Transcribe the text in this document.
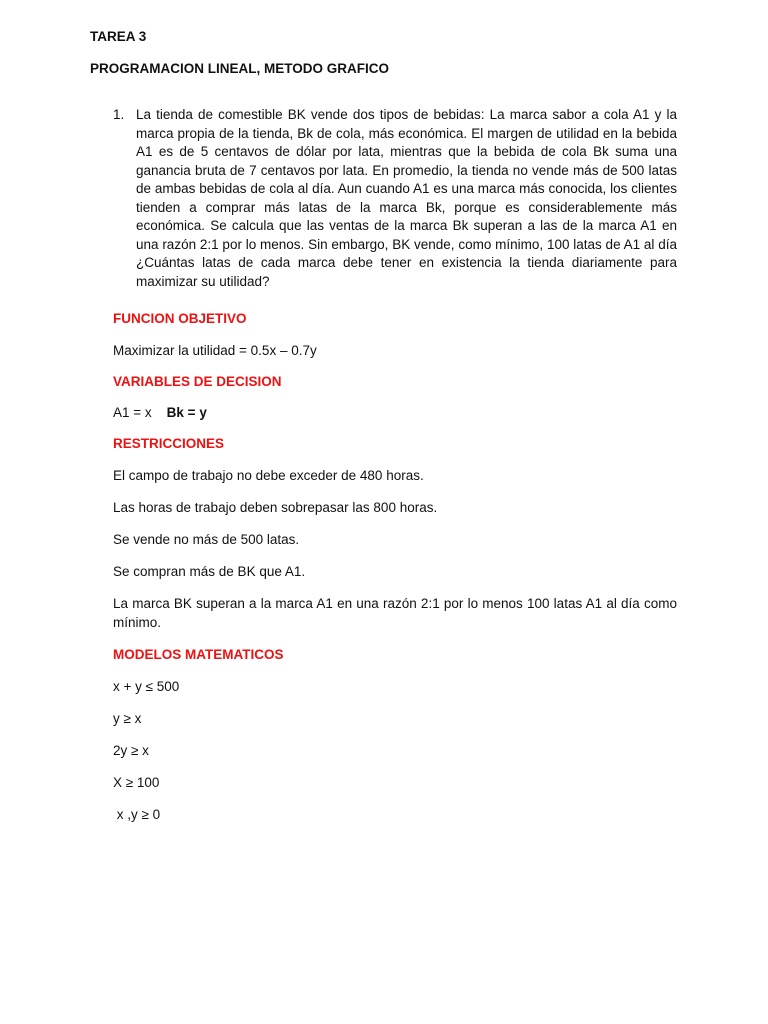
TAREA 3
PROGRAMACION LINEAL, METODO GRAFICO
1. La tienda de comestible BK vende dos tipos de bebidas: La marca sabor a cola A1 y la marca propia de la tienda, Bk de cola, más económica. El margen de utilidad en la bebida A1 es de 5 centavos de dólar por lata, mientras que la bebida de cola Bk suma una ganancia bruta de 7 centavos por lata. En promedio, la tienda no vende más de 500 latas de ambas bebidas de cola al día. Aun cuando A1 es una marca más conocida, los clientes tienden a comprar más latas de la marca Bk, porque es considerablemente más económica. Se calcula que las ventas de la marca Bk superan a las de la marca A1 en una razón 2:1 por lo menos. Sin embargo, BK vende, como mínimo, 100 latas de A1 al día ¿Cuántas latas de cada marca debe tener en existencia la tienda diariamente para maximizar su utilidad?
FUNCION OBJETIVO
Maximizar la utilidad = 0.5x – 0.7y
VARIABLES DE DECISION
A1 = x Bk = y
RESTRICCIONES
El campo de trabajo no debe exceder de 480 horas.
Las horas de trabajo deben sobrepasar las 800 horas.
Se vende no más de 500 latas.
Se compran más de BK que A1.
La marca BK superan a la marca A1 en una razón 2:1 por lo menos 100 latas A1 al día como mínimo.
MODELOS MATEMATICOS
x + y ≤ 500
y ≥ x
2y ≥ x
X ≥ 100
x ,y ≥ 0
